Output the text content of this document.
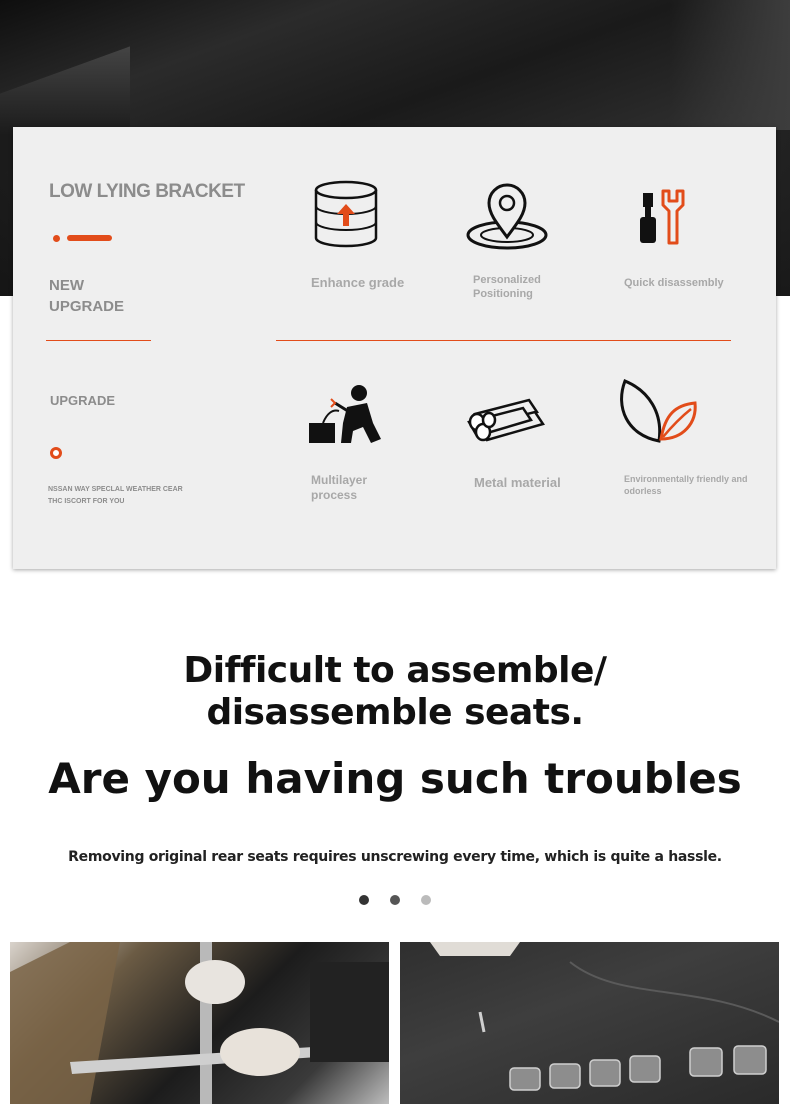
LOW LYING BRACKET
NEW
UPGRADE
UPGRADE
NSSAN WAY SPECLAL WEATHER CEAR THC ISCORT FOR YOU
Enhance grade	Personalized Positioning
Quick disassembly
Multilayer process
Metal material	Environmentally friendly and odorless
Difficult to assemble/
disassemble seats.
Are you having such troubles
Removing original rear seats requires unscrewing every time, which is quite a hassle.
